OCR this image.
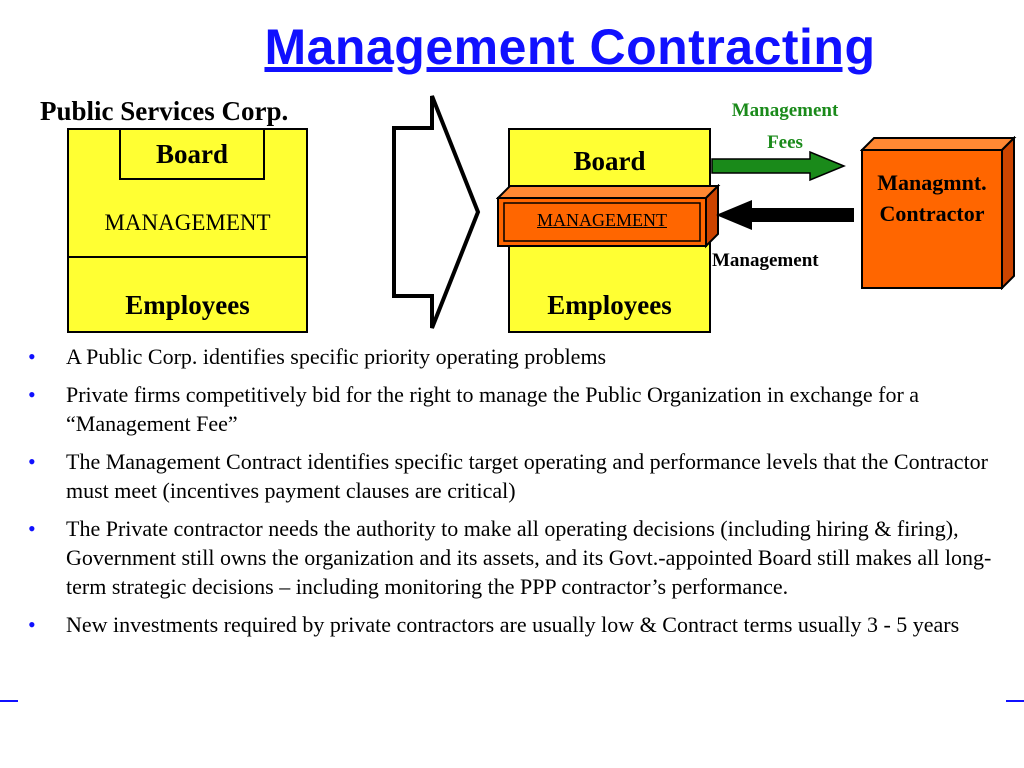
Management Contracting
Public Services Corp.
Board
MANAGEMENT
Employees
Board
Employees
MANAGEMENT
Management
Fees
Management
Managmnt.
Contractor
• A Public Corp. identifies specific priority operating problems
• Private firms competitively bid for the right to manage the Public Organization in exchange for a “Management Fee”
• The Management Contract identifies specific target operating and performance levels that the Contractor must meet (incentives payment clauses are critical)
• The Private contractor needs the authority to make all operating decisions (including hiring & firing), Government still owns the organization and its assets, and its Govt.-appointed Board still makes all long-term strategic decisions – including monitoring the PPP contractor’s performance.
• New investments required by private contractors are usually low & Contract terms usually 3 - 5 years
